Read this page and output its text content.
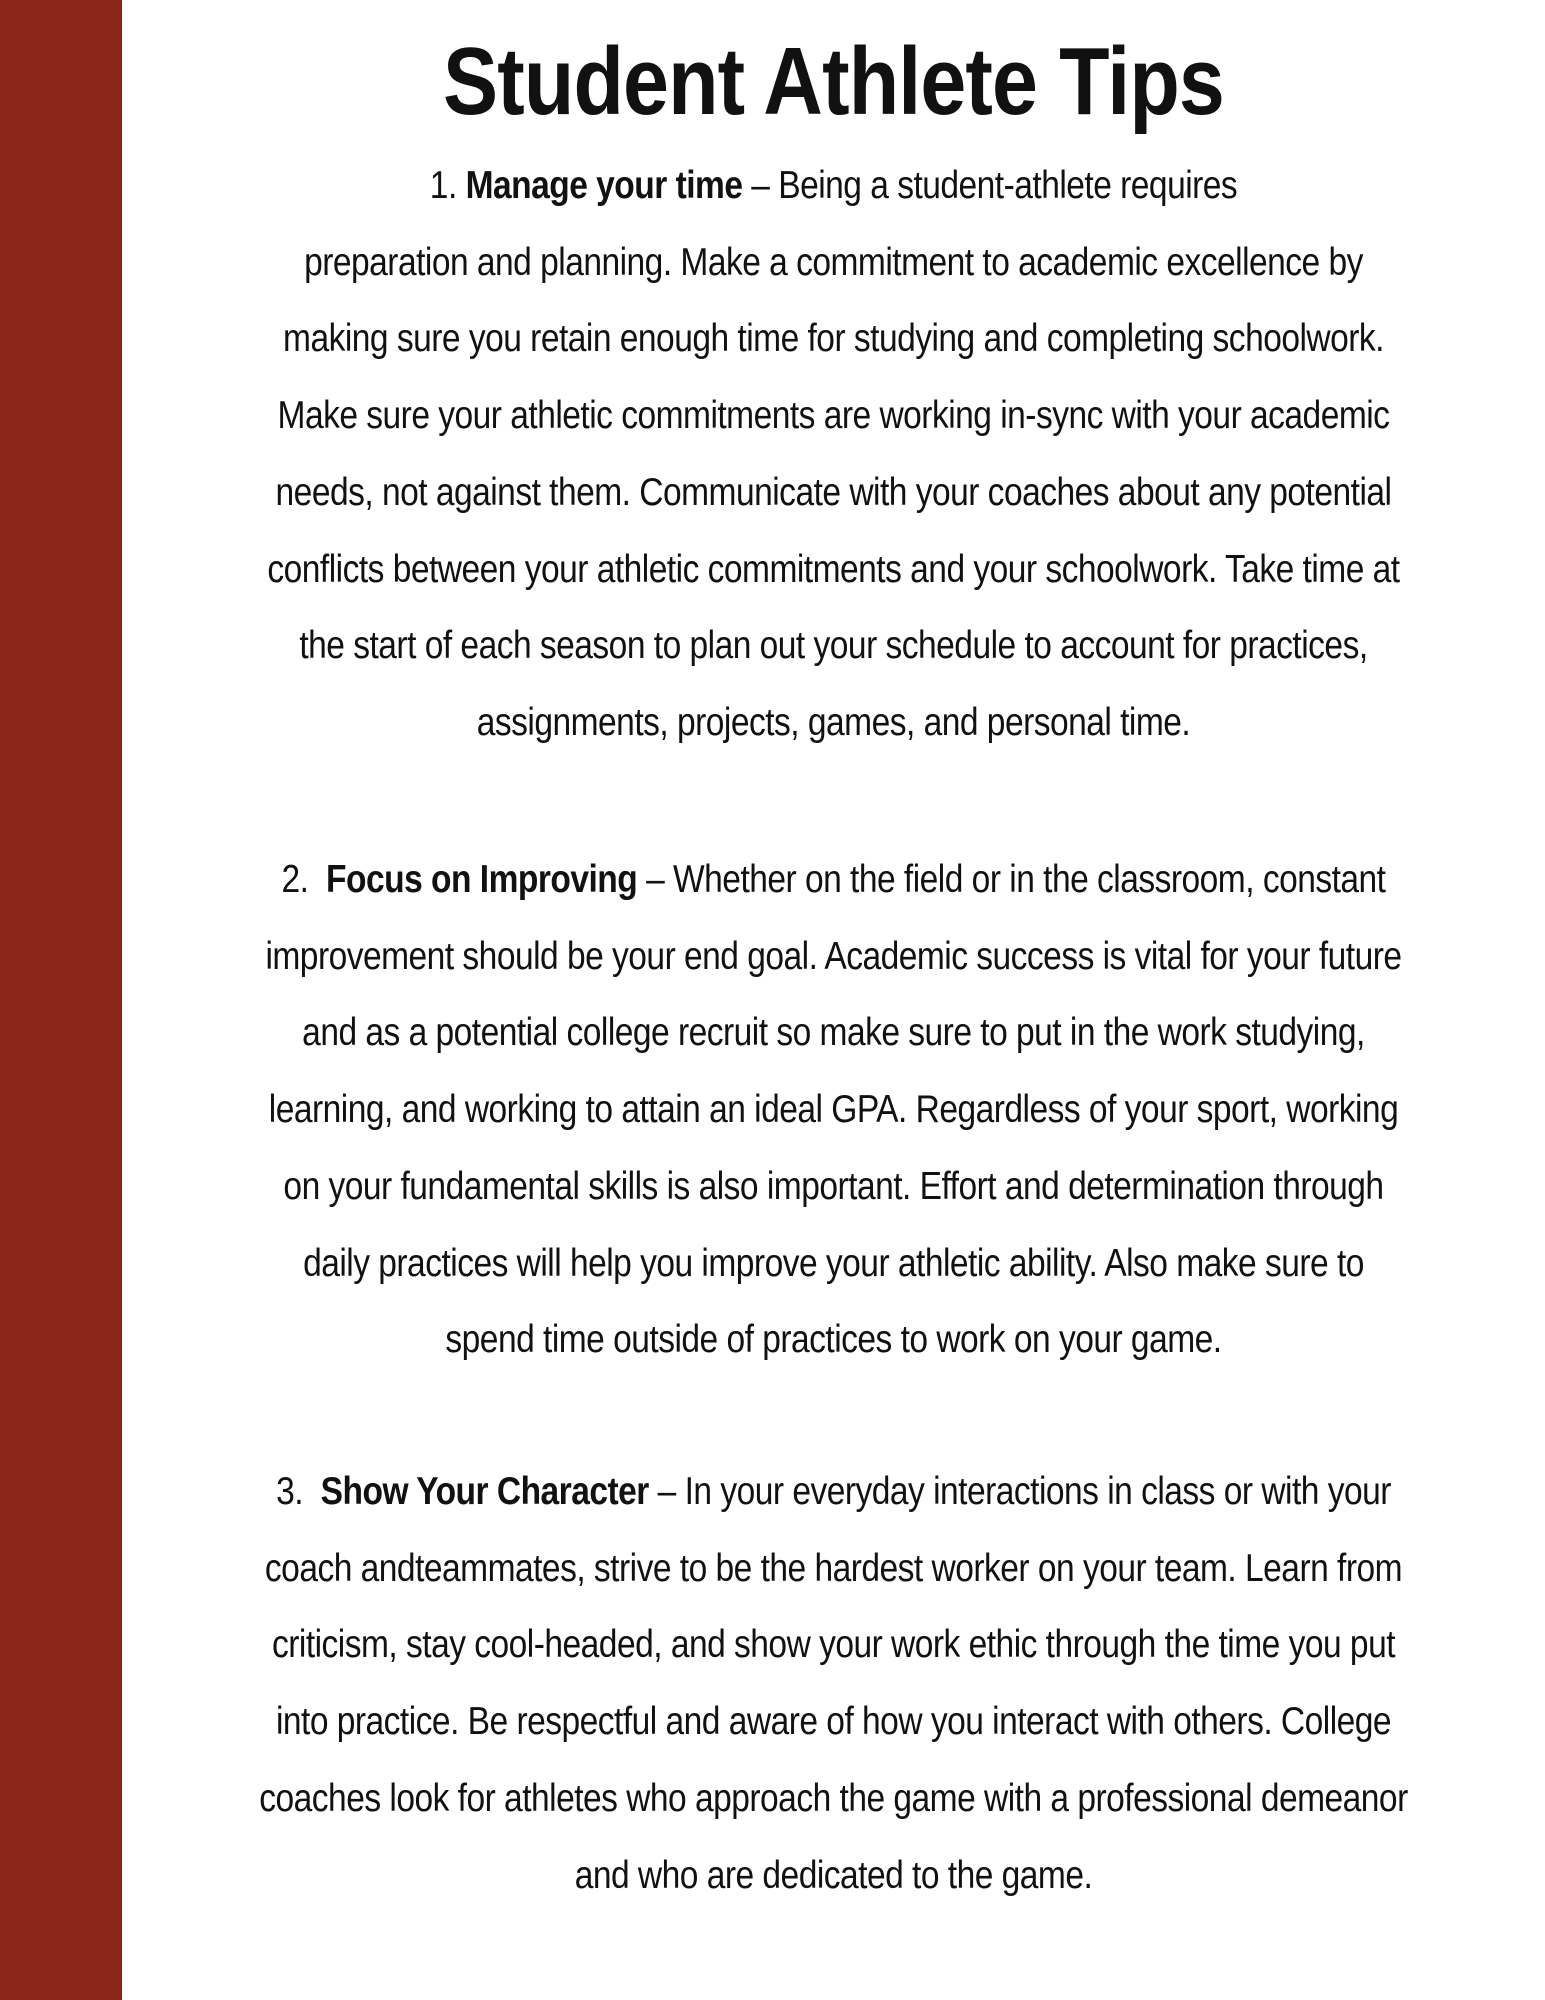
Student Athlete Tips

1. Manage your time – Being a student-athlete requires
preparation and planning. Make a commitment to academic excellence by
making sure you retain enough time for studying and completing schoolwork.
Make sure your athletic commitments are working in-sync with your academic
needs, not against them. Communicate with your coaches about any potential
conflicts between your athletic commitments and your schoolwork. Take time at
the start of each season to plan out your schedule to account for practices,
assignments, projects, games, and personal time.

2. Focus on Improving – Whether on the field or in the classroom, constant
improvement should be your end goal. Academic success is vital for your future
and as a potential college recruit so make sure to put in the work studying,
learning, and working to attain an ideal GPA. Regardless of your sport, working
on your fundamental skills is also important. Effort and determination through
daily practices will help you improve your athletic ability. Also make sure to
spend time outside of practices to work on your game.

3. Show Your Character – In your everyday interactions in class or with your
coach andteammates, strive to be the hardest worker on your team. Learn from
criticism, stay cool-headed, and show your work ethic through the time you put
into practice. Be respectful and aware of how you interact with others. College
coaches look for athletes who approach the game with a professional demeanor
and who are dedicated to the game.
